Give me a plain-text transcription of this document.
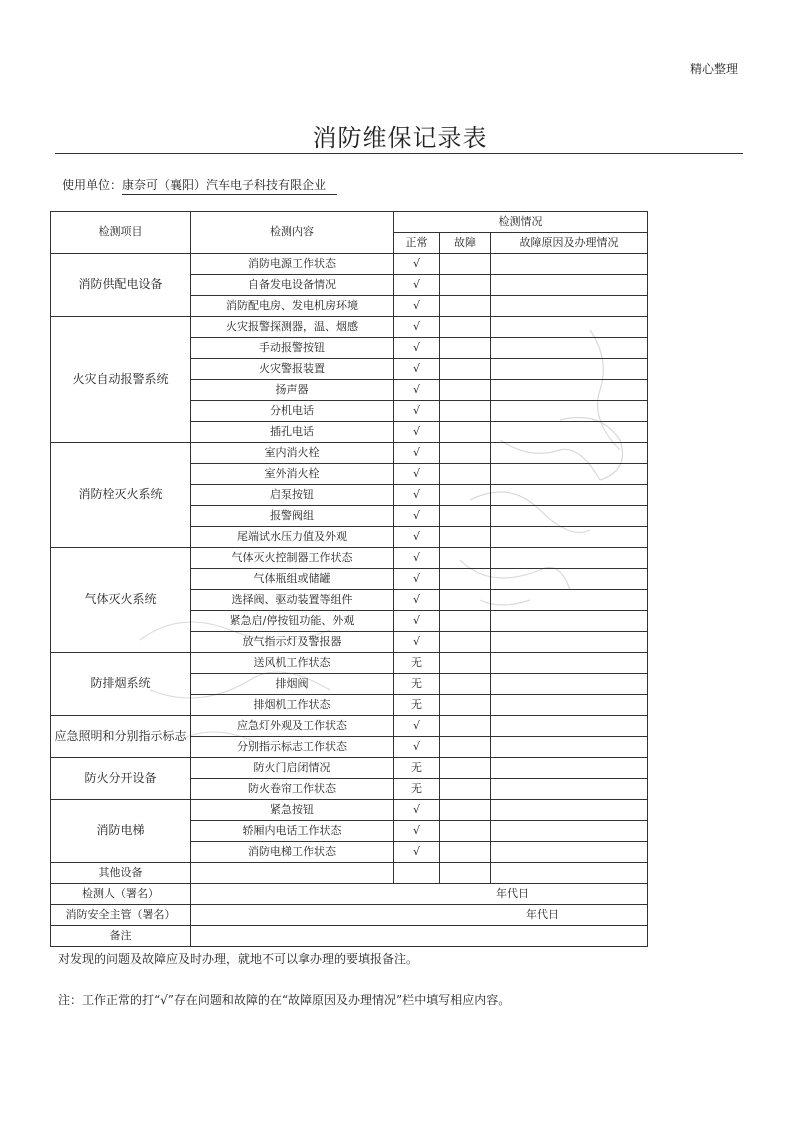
精心整理
消防维保记录表
使用单位：康奈可（襄阳）汽车电子科技有限企业
检测项目	检测内容	检测情况		
		正常	故障	故障原因及办理情况
消防供配电设备	消防电源工作状态	√		
	自备发电设备情况	√		
	消防配电房、发电机房环境	√		
火灾自动报警系统	火灾报警探测器，温、烟感	√		
	手动报警按钮	√		
	火灾警报装置	√		
	扬声器	√		
	分机电话	√		
	插孔电话	√		
消防栓灭火系统	室内消火栓	√		
	室外消火栓	√		
	启泵按钮	√		
	报警阀组	√		
	尾端试水压力值及外观	√		
气体灭火系统	气体灭火控制器工作状态	√		
	气体瓶组或储罐	√		
	选择阀、驱动装置等组件	√		
	紧急启/停按钮功能、外观	√		
	放气指示灯及警报器	√		
防排烟系统	送风机工作状态	无		
	排烟阀	无		
	排烟机工作状态	无		
应急照明和分别指示标志	应急灯外观及工作状态	√		
	分别指示标志工作状态	√		
防火分开设备	防火门启闭情况	无		
	防火卷帘工作状态	无		
消防电梯	紧急按钮	√		
	轿厢内电话工作状态	√		
	消防电梯工作状态	√		
其他设备				
检测人（署名）	年代日			
消防安全主管（署名）	年代日			
备注				
对发现的问题及故障应及时办理，就地不可以拿办理的要填报备注。
注：工作正常的打“√”存在问题和故障的在“故障原因及办理情况”栏中填写相应内容。
